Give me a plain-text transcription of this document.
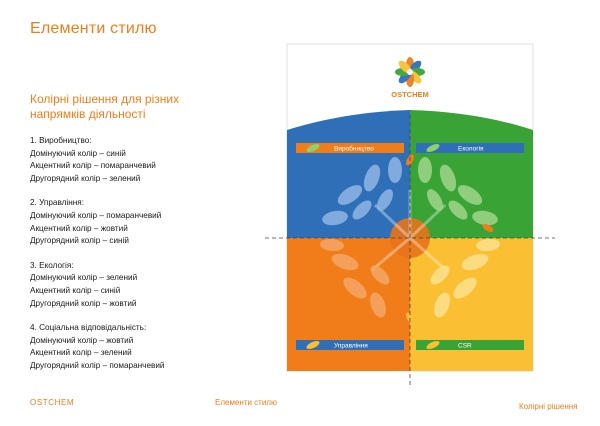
Елементи стилю
Колірні рішення для різних напрямків діяльності
1. Виробництво:
Домінуючий колір – синій
Акцентний колір – помаранчевий
Другорядний колір – зелений
2. Управління:
Домінуючий колір – помаранчевий
Акцентний колір – жовтий
Другорядний колір – синій
3. Екологія:
Домінуючий колір – зелений
Акцентний колір – синій
Другорядний колір – жовтий
4. Соціальна відповідальність:
Домінуючий колір – жовтий
Акцентний колір – зелений
Другорядний колір – помаранчевий
OSTCHEM
Виробництво	Екологія
Управління	CSR
OSTCHEM	Елементи стилю	Колірні рішення
